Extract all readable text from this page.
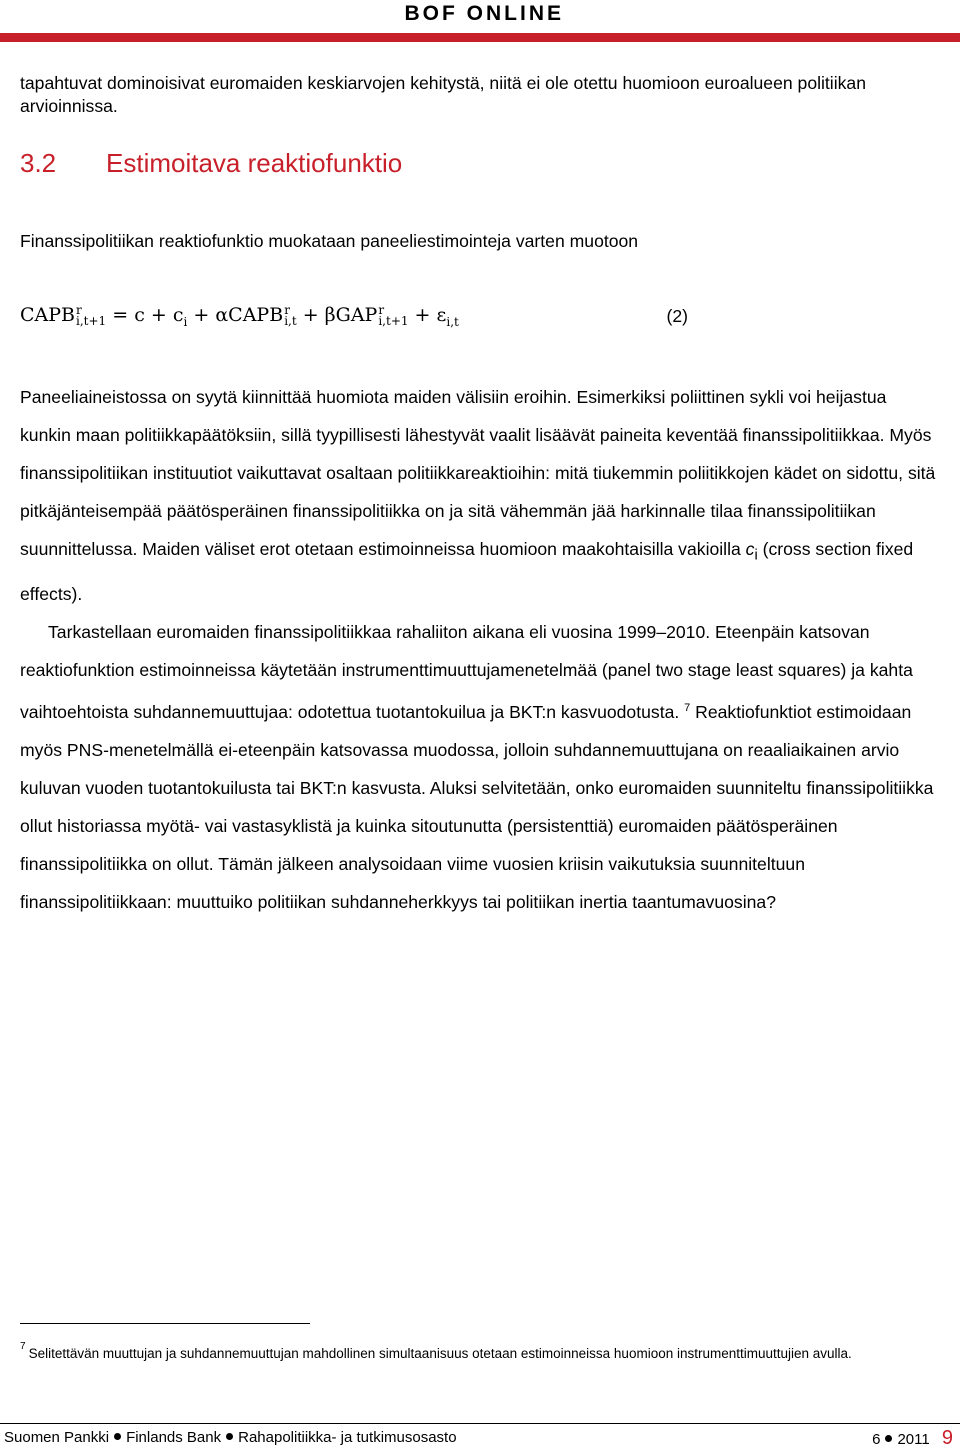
BOF ONLINE
tapahtuvat dominoisivat euromaiden keskiarvojen kehitystä, niitä ei ole otettu huomioon euroalueen politiikan arvioinnissa.
3.2 Estimoitava reaktiofunktio
Finanssipolitiikan reaktiofunktio muokataan paneeliestimointeja varten muotoon
CAPB r
$i,t+1 = c + c_i$ + αCAPB r
i,t + βGAP r
$i,t+1 + \varepsilon_{i,t}$	(2)

Paneeliaineistossa on syytä kiinnittää huomiota maiden välisiin eroihin. Esimerkiksi poliittinen sykli voi heijastua kunkin maan politiikkapäätöksiin, sillä tyypillisesti lähestyvät vaalit lisäävät paineita keventää finanssipolitiikkaa. Myös finanssipolitiikan instituutiot vaikuttavat osaltaan politiikkareaktioihin: mitä tiukemmin poliitikkojen kädet on sidottu, sitä pitkäjänteisempää päätösperäinen finanssipolitiikka on ja sitä vähemmän jää harkinnalle tilaa finanssipolitiikan suunnittelussa. Maiden väliset erot otetaan estimoinneissa huomioon maakohtaisilla vakioilla $c_i$ (cross section fixed effects).

Tarkastellaan euromaiden finanssipolitiikkaa rahaliiton aikana eli vuosina 1999–2010. Eteenpäin katsovan reaktiofunktion estimoinneissa käytetään instrumenttimuuttujamenetelmää (panel two stage least squares) ja kahta vaihtoehtoista suhdannemuuttujaa: odotettua tuotantokuilua ja BKT:n kasvuodotusta. $^7$ Reaktiofunktiot estimoidaan myös PNS-menetelmällä ei-eteenpäin katsovassa muodossa, jolloin suhdannemuuttujana on reaaliaikainen arvio kuluvan vuoden tuotantokuilusta tai BKT:n kasvusta. Aluksi selvitetään, onko euromaiden suunniteltu finanssipolitiikka ollut historiassa myötä- vai vastasyklistä ja kuinka sitoutunutta (persistenttiä) euromaiden päätösperäinen finanssipolitiikka on ollut. Tämän jälkeen analysoidaan viime vuosien kriisin vaikutuksia suunniteltuun finanssipolitiikkaan: muuttuiko politiikan suhdanneherkkyys tai politiikan inertia taantumavuosina?

$^7$ Selitettävän muuttujan ja suhdannemuuttujan mahdollinen simultaanisuus otetaan estimoinneissa huomioon instrumenttimuuttujien avulla.
Suomen Pankki Finlands Bank Rahapolitiikka- ja tutkimusosasto	6 2011 9
